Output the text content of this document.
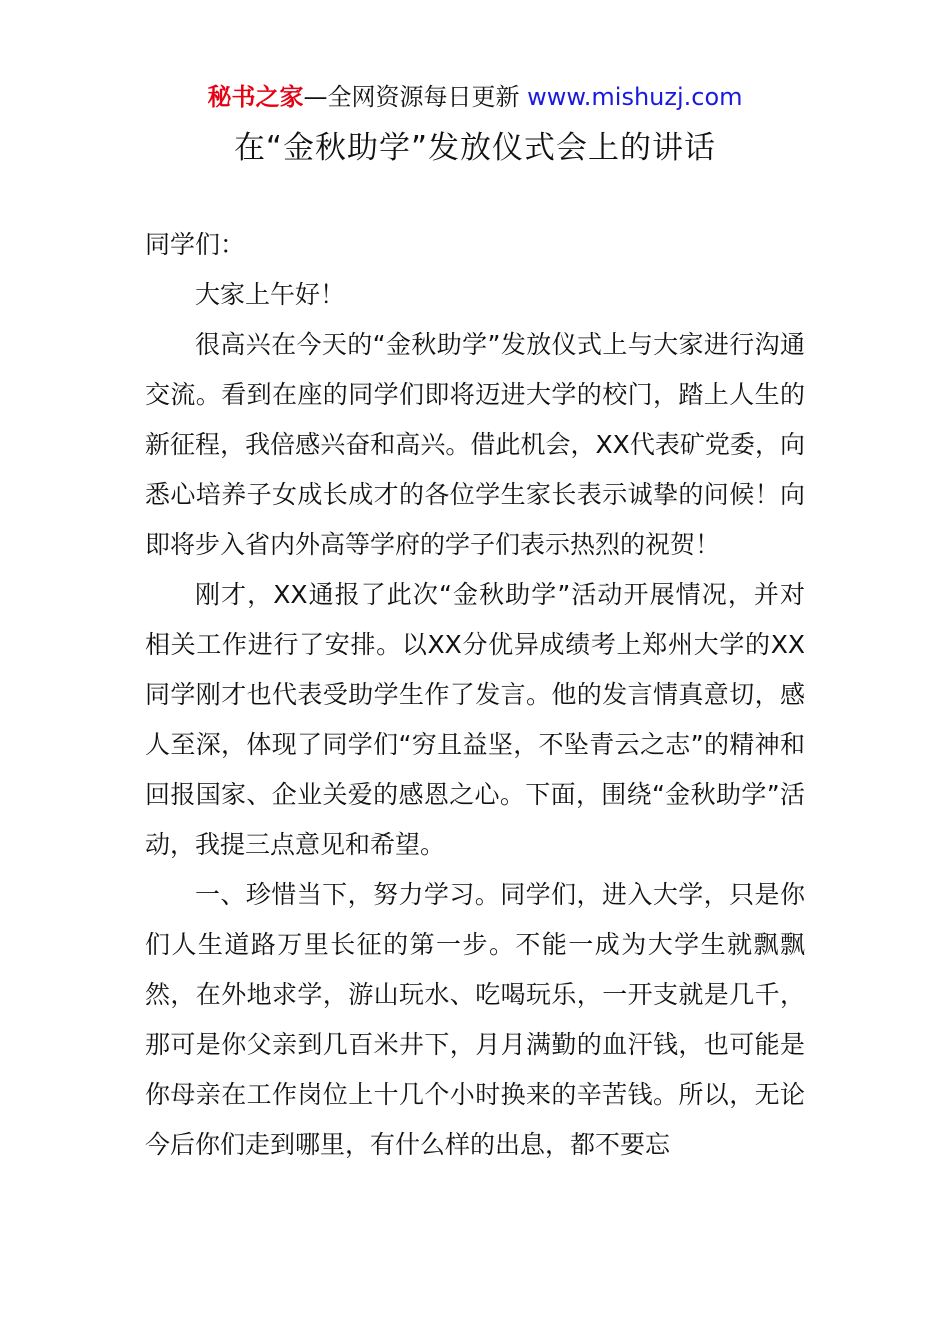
秘书之家—全网资源每日更新 www.mishuzj.com
在“金秋助学”发放仪式会上的讲话

同学们：

大家上午好！

很高兴在今天的“金秋助学”发放仪式上与大家进行沟通交流。看到在座的同学们即将迈进大学的校门，踏上人生的新征程，我倍感兴奋和高兴。借此机会，XX代表矿党委，向悉心培养子女成长成才的各位学生家长表示诚挚的问候！向即将步入省内外高等学府的学子们表示热烈的祝贺！

刚才，XX通报了此次“金秋助学”活动开展情况，并对相关工作进行了安排。以XX分优异成绩考上郑州大学的XX同学刚才也代表受助学生作了发言。他的发言情真意切，感人至深，体现了同学们“穷且益坚，不坠青云之志”的精神和回报国家、企业关爱的感恩之心。下面，围绕“金秋助学”活动，我提三点意见和希望。

一、珍惜当下，努力学习。同学们，进入大学，只是你们人生道路万里长征的第一步。不能一成为大学生就飘飘然，在外地求学，游山玩水、吃喝玩乐，一开支就是几千，那可是你父亲到几百米井下，月月满勤的血汗钱，也可能是你母亲在工作岗位上十几个小时换来的辛苦钱。所以，无论今后你们走到哪里，有什么样的出息，都不要忘
